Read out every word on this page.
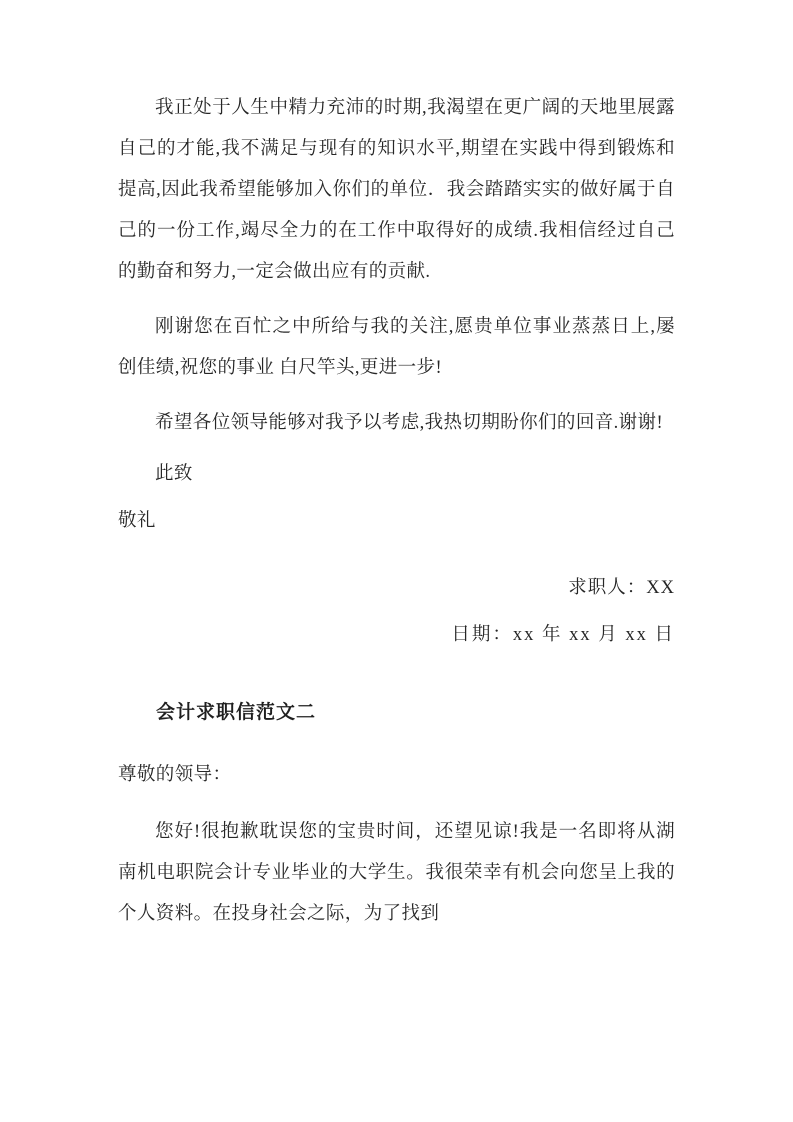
我正处于人生中精力充沛的时期,我渴望在更广阔的天地里展露自己的才能,我不满足与现有的知识水平,期望在实践中得到锻炼和提高,因此我希望能够加入你们的单位．我会踏踏实实的做好属于自己的一份工作,竭尽全力的在工作中取得好的成绩.我相信经过自己的勤奋和努力,一定会做出应有的贡献.

刚谢您在百忙之中所给与我的关注,愿贵单位事业蒸蒸日上,屡创佳绩,祝您的事业 白尺竿头,更进一步!

希望各位领导能够对我予以考虑,我热切期盼你们的回音.谢谢!

此致

敬礼

求职人：XX

日期：xx 年 xx 月 xx 日

会计求职信范文二

尊敬的领导：

您好!很抱歉耽误您的宝贵时间，还望见谅!我是一名即将从湖南机电职院会计专业毕业的大学生。我很荣幸有机会向您呈上我的个人资料。在投身社会之际，为了找到
